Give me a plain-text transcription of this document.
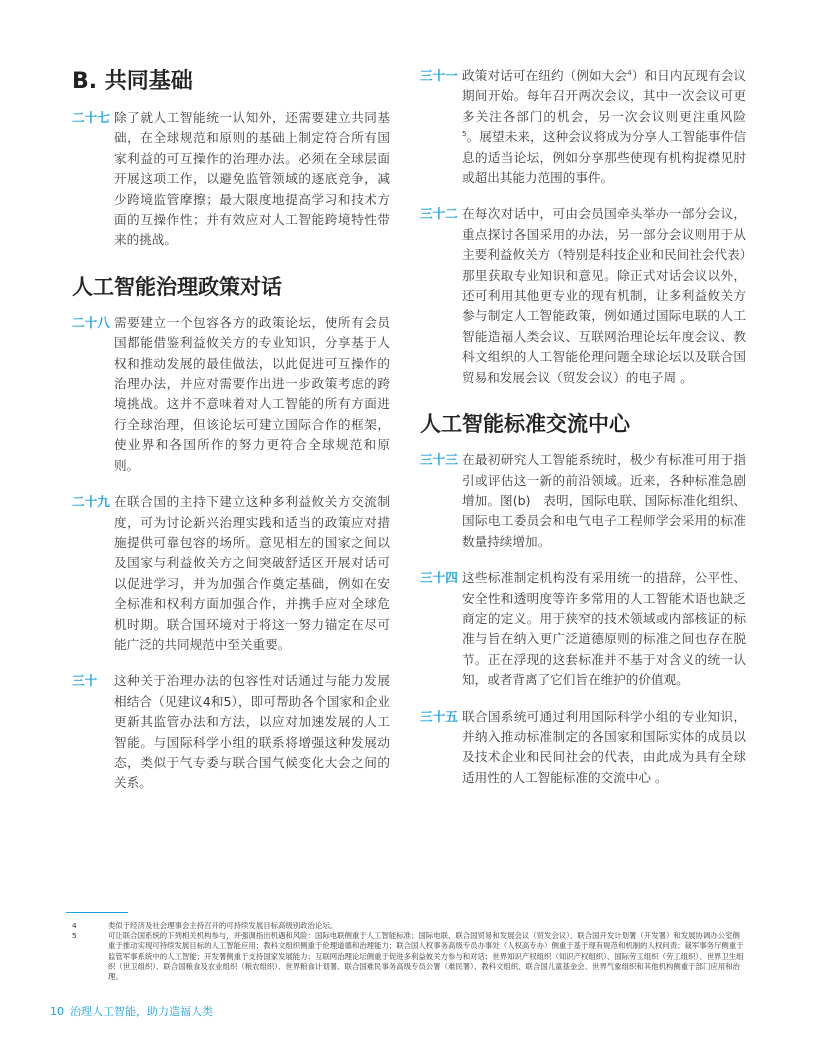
B. 共同基础
二十七 除了就人工智能统一认知外，还需要建立共同基础，在全球规范和原则的基础上制定符合所有国家利益的可互操作的治理办法。必须在全球层面开展这项工作，以避免监管领域的逐底竞争，减少跨境监管摩擦；最大限度地提高学习和技术方面的互操作性；并有效应对人工智能跨境特性带来的挑战。
人工智能治理政策对话
二十八 需要建立一个包容各方的政策论坛，使所有会员国都能借鉴利益攸关方的专业知识，分享基于人权和推动发展的最佳做法，以此促进可互操作的治理办法，并应对需要作出进一步政策考虑的跨境挑战。这并不意味着对人工智能的所有方面进行全球治理，但该论坛可建立国际合作的框架，使业界和各国所作的努力更符合全球规范和原则。
二十九 在联合国的主持下建立这种多利益攸关方交流制度，可为讨论新兴治理实践和适当的政策应对措施提供可靠包容的场所。意见相左的国家之间以及国家与利益攸关方之间突破舒适区开展对话可以促进学习，并为加强合作奠定基础，例如在安全标准和权利方面加强合作，并携手应对全球危机时期。联合国环境对于将这一努力锚定在尽可能广泛的共同规范中至关重要。
三十	这种关于治理办法的包容性对话通过与能力发展相结合（见建议4和5），即可帮助各个国家和企业更新其监管办法和方法，以应对加速发展的人工智能。与国际科学小组的联系将增强这种发展动态，类似于气专委与联合国气候变化大会之间的关系。
三十一 政策对话可在纽约（例如大会$^4$）和日内瓦现有会议期间开始。每年召开两次会议，其中一次会议可更多关注各部门的机会，另一次会议则更注重风险 $^5$。展望未来，这种会议将成为分享人工智能事件信息的适当论坛，例如分享那些使现有机构捉襟见肘或超出其能力范围的事件。
三十二 在每次对话中，可由会员国牵头举办一部分会议，重点探讨各国采用的办法，另一部分会议则用于从主要利益攸关方（特别是科技企业和民间社会代表）那里获取专业知识和意见。除正式对话会议以外，还可利用其他更专业的现有机制，让多利益攸关方参与制定人工智能政策，例如通过国际电联的人工智能造福人类会议、互联网治理论坛年度会议、教科文组织的人工智能伦理问题全球论坛以及联合国贸易和发展会议（贸发会议）的电子周 。
人工智能标准交流中心
三十三 在最初研究人工智能系统时，极少有标准可用于指引或评估这一新的前沿领域。近来，各种标准急剧增加。图(b)　表明，国际电联、国际标准化组织、国际电工委员会和电气电子工程师学会采用的标准数量持续增加。
三十四 这些标准制定机构没有采用统一的措辞，公平性、安全性和透明度等许多常用的人工智能术语也缺乏商定的定义。用于狭窄的技术领域或内部核证的标准与旨在纳入更广泛道德原则的标准之间也存在脱节。正在浮现的这套标准并不基于对含义的统一认知，或者背离了它们旨在维护的价值观。
三十五 联合国系统可通过利用国际科学小组的专业知识，并纳入推动标准制定的各国家和国际实体的成员以及技术企业和民间社会的代表，由此成为具有全球适用性的人工智能标准的交流中心 。
4	类似于经济及社会理事会主持召开的可持续发展目标高级别政治论坛。
5	可让联合国系统的下列相关机构参与，并强调指出机遇和风险：国际电联侧重于人工智能标准；国际电联、联合国贸易和发展会议（贸发会议）、联合国开发计划署（开发署）和发展协调办公室侧重于推动实现可持续发展目标的人工智能应用；教科文组织侧重于伦理道德和治理能力；联合国人权事务高级专员办事处（人权高专办）侧重于基于现有规范和机制的人权问责；裁军事务厅侧重于监管军事系统中的人工智能；开发署侧重于支持国家发展能力；互联网治理论坛侧重于促进多利益攸关方参与和对话；世界知识产权组织（知识产权组织）、国际劳工组织（劳工组织）、世界卫生组织（世卫组织）、联合国粮食及农业组织（粮农组织）、世界粮食计划署、联合国难民事务高级专员公署（难民署）、教科文组织、联合国儿童基金会、世界气象组织和其他机构侧重于部门应用和治理。
10 治理人工智能，助力造福人类
